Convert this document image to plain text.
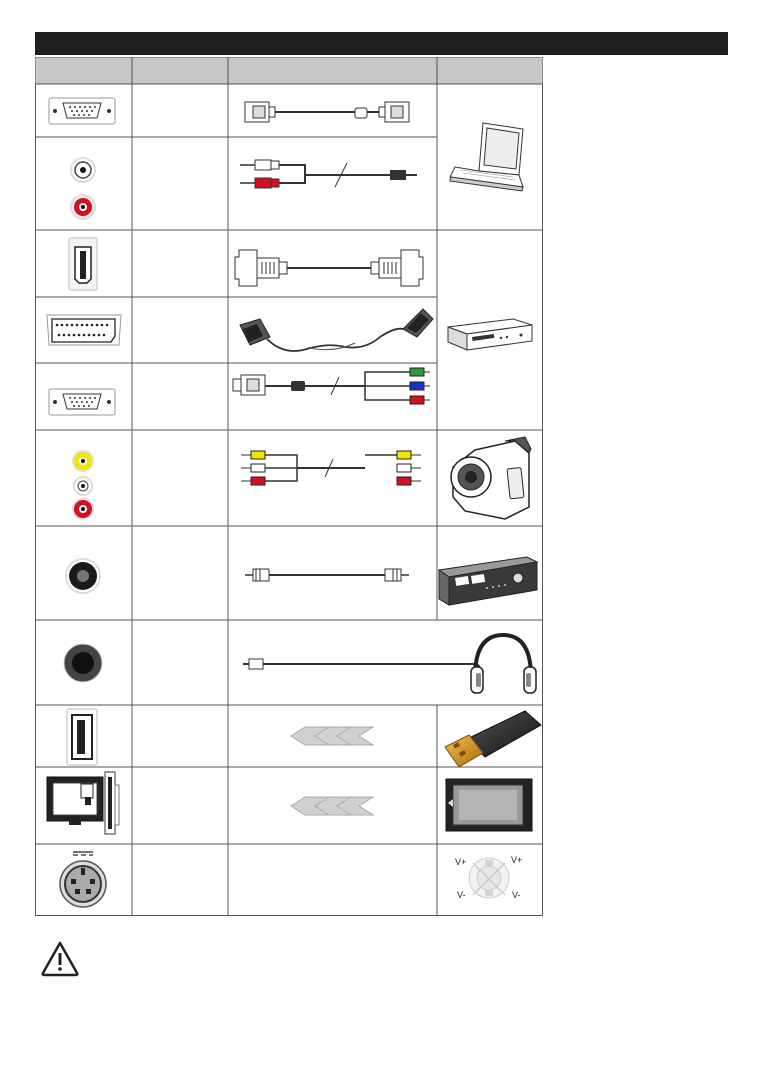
V+	V+
V-	V-
